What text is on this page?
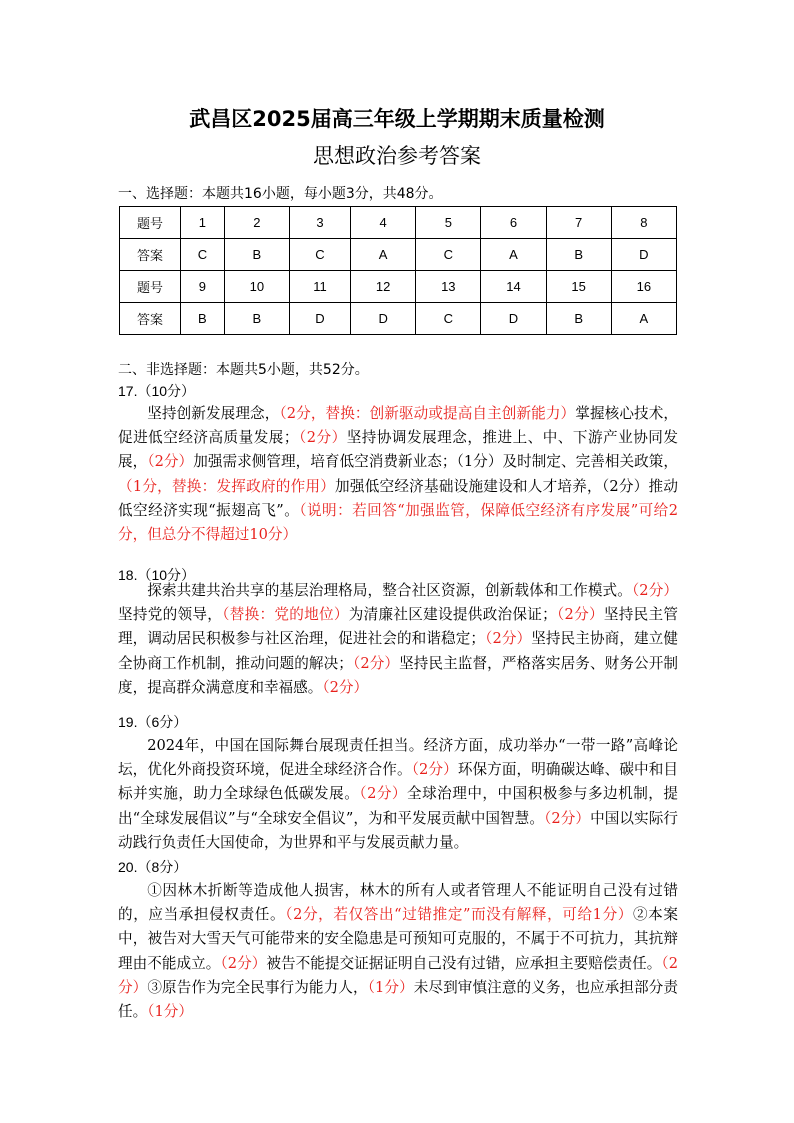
武昌区2025届高三年级上学期期末质量检测
思想政治参考答案
一、选择题：本题共16小题，每小题3分，共48分。
题号	1	2	3	4	5	6	7	8
答案	C	B	C	A	C	A	B	D
题号	9	10	11	12	13	14	15	16
答案	B	B	D	D	C	D	B	A
二、非选择题：本题共5小题，共52分。
17.（10分）
坚持创新发展理念，（2分，替换：创新驱动或提高自主创新能力）掌握核心技术，促进低空经济高质量发展；（2分）坚持协调发展理念，推进上、中、下游产业协同发展，（2分）加强需求侧管理，培育低空消费新业态；（1分）及时制定、完善相关政策，（1分，替换：发挥政府的作用）加强低空经济基础设施建设和人才培养，（2分）推动低空经济实现“振翅高飞”。（说明：若回答“加强监管，保障低空经济有序发展”可给2分，但总分不得超过10分）
18.（10分）
探索共建共治共享的基层治理格局，整合社区资源，创新载体和工作模式。（2分）坚持党的领导，（替换：党的地位）为清廉社区建设提供政治保证；（2分）坚持民主管理，调动居民积极参与社区治理，促进社会的和谐稳定；（2分）坚持民主协商，建立健全协商工作机制，推动问题的解决；（2分）坚持民主监督，严格落实居务、财务公开制度，提高群众满意度和幸福感。（2分）
19.（6分）
2024年，中国在国际舞台展现责任担当。经济方面，成功举办“一带一路”高峰论坛，优化外商投资环境，促进全球经济合作。（2分）环保方面，明确碳达峰、碳中和目标并实施，助力全球绿色低碳发展。（2分）全球治理中，中国积极参与多边机制，提出“全球发展倡议”与“全球安全倡议”，为和平发展贡献中国智慧。（2分）中国以实际行动践行负责任大国使命，为世界和平与发展贡献力量。
20.（8分）
①因林木折断等造成他人损害，林木的所有人或者管理人不能证明自己没有过错的，应当承担侵权责任。（2分，若仅答出“过错推定”而没有解释，可给1分）②本案中，被告对大雪天气可能带来的安全隐患是可预知可克服的，不属于不可抗力，其抗辩理由不能成立。（2分）被告不能提交证据证明自己没有过错，应承担主要赔偿责任。（2分）③原告作为完全民事行为能力人，（1分）未尽到审慎注意的义务，也应承担部分责任。（1分）
